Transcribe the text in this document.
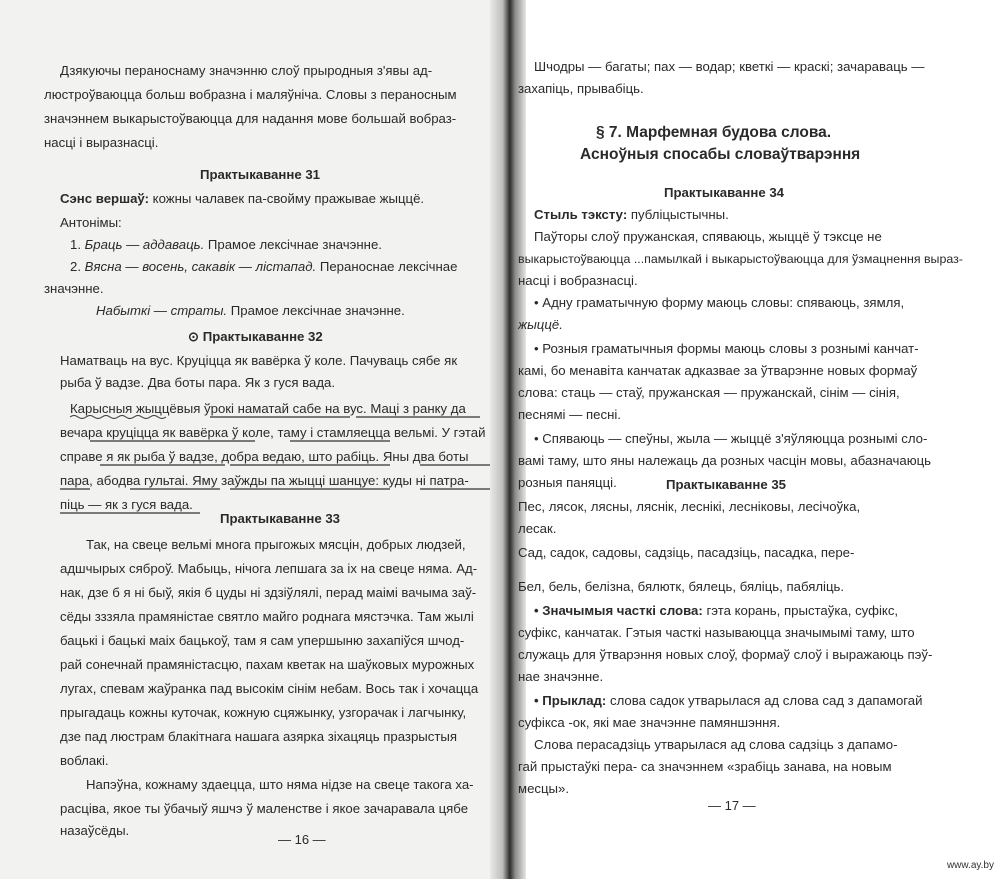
Дзякуючы пераноснаму значэнню слоў прыродныя з'явы ад-
люстроўваюцца больш вобразна і маляўніча. Словы з пераносным
значэннем выкарыстоўваюцца для надання мове большай вобраз-
насці і выразнасці.
Практыкаванне 31
Сэнс вершаў: кожны чалавек па-свойму пражывае жыццё.
Антонімы:
1. Браць — аддаваць. Прамое лексічнае значэнне.
2. Вясна — восень, сакавік — лістапад. Пераноснае лексічнае
значэнне.
Набыткі — страты. Прамое лексічнае значэнне.
⊙ Практыкаванне 32
Наматваць на вус. Круціцца як вавёрка ў коле. Пачуваць сябе як
рыба ў вадзе. Два боты пара. Як з гуся вада.
Карысныя жыццёвыя ўрокі наматай сабе на вус. Маці з ранку да
вечара круціцца як вавёрка ў коле, таму і стамляецца вельмі. У гэтай
справе я як рыба ў вадзе, добра ведаю, што рабіць. Яны два боты
пара, абодва гультаі. Яму заўжды па жыцці шанцуе: куды ні патра-
піць — як з гуся вада.
Практыкаванне 33
Так, на свеце вельмі многа прыгожых мясцін, добрых людзей,
адшчырых сяброў. Мабыць, нічога лепшага за іх на свеце няма. Ад-
нак, дзе б я ні быў, якія б цуды ні здзіўлялі, перад маімі вачыма заў-
сёды зззяла прамяністае святло майго роднага мястэчка. Там жылі
бацькі і бацькі маіх бацькоў, там я сам упершыню захапіўся шчод-
рай сонечнай прамяністасцю, пахам кветак на шаўковых мурожных
лугах, спевам жаўранка пад высокім сінім небам. Вось так і хочацца
прыгадаць кожны куточак, кожную сцяжынку, узгорачак і лагчынку,
дзе пад люстрам блакітнага нашага азярка зіхацяць празрыстыя
воблакі.
Напэўна, кожнаму здаецца, што няма нідзе на свеце такога ха-
расціва, якое ты ўбачыў яшчэ ў маленстве і якое зачаравала цябе
назаўсёды.
— 16 —
Шчодры — багаты; пах — водар; кветкі — краскі; зачараваць —
захапіць, прывабіць.
§ 7. Марфемная будова слова.
Асноўныя спосабы словаўтварэння
Практыкаванне 34
Стыль тэксту: публіцыстычны.
Паўторы слоў пружанская, спяваюць, жыццё ў тэксце не
выкарыстоўваюцца ...памылкай і выкарыстоўваюцца для ўзмацнення выраз-
насці і вобразнасці.
• Адну граматычную форму маюць словы: спяваюць, зямля,
жыццё.
• Розныя граматычныя формы маюць словы з рознымі канчат-
камі, бо менавіта канчатак адказвае за ўтварэнне новых формаў
слова: стаць — стаў, пружанская — пружанскай, сінім — сінія,
песнямі — песні.
• Спяваюць — спеўны, жыла — жыццё з'яўляюцца рознымі сло-
вамі таму, што яны належаць да розных часцін мовы, абазначаюць
розныя паняцці.	Практыкаванне 35
Пес, лясок, лясны, ляснік, леснікі, лесніковы, лесічоўка,
лесак.
Сад, садок, садовы, садзіць, пасадзіць, пасадка, пере-
Бел, бель, белізна, бялютк, бялець, бяліць, пабяліць.
• Значымыя часткі слова: гэта корань, прыстаўка, суфікс,
суфікс, канчатак. Гэтыя часткі называюцца значымымі таму, што
служаць для ўтварэння новых слоў, формаў слоў і выражаюць пэў-
нае значэнне.
• Прыклад: слова садок утварылася ад слова сад з дапамогай
суфікса -ок, які мае значэнне памяншэння.
Слова перасадзіць утварылася ад слова садзіць з дапамо-
гай прыстаўкі пера- са значэннем «зрабіць занава, на новым
месцы».
— 17 —
www.ay.by
